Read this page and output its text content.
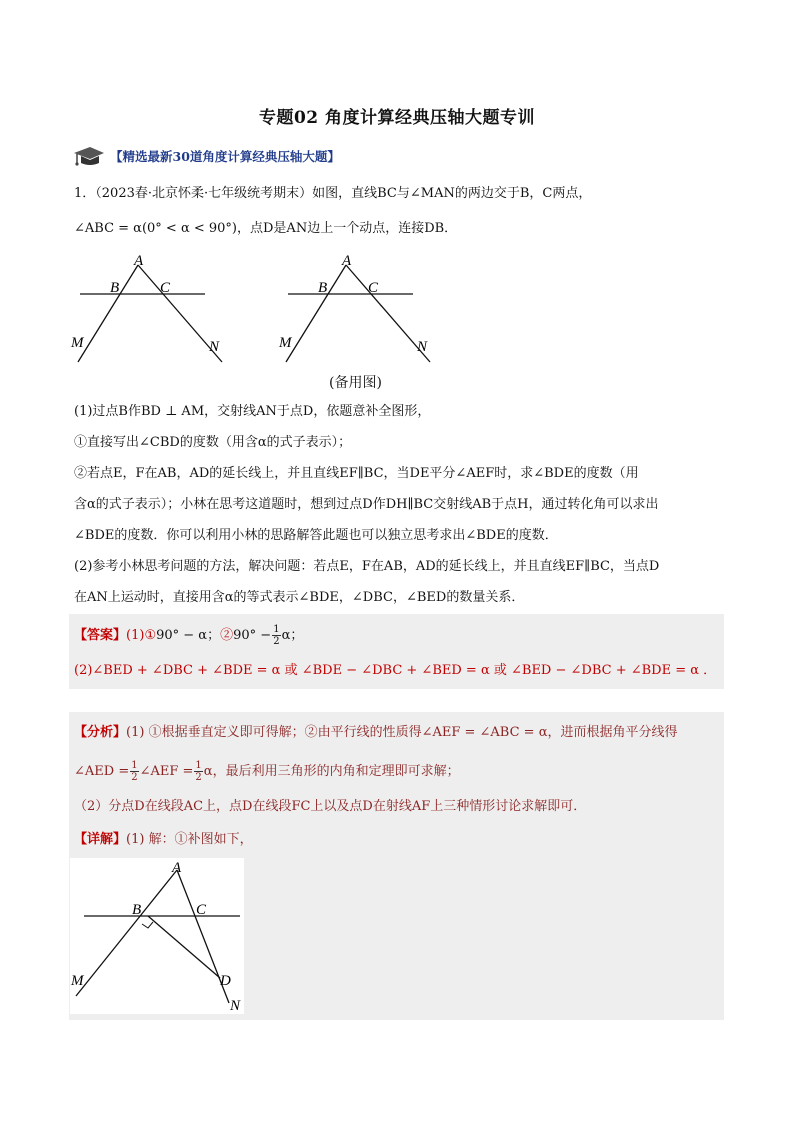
专题02 角度计算经典压轴大题专训
【精选最新30道角度计算经典压轴大题】
1．（2023春·北京怀柔·七年级统考期末）如图，直线BC与∠MAN的两边交于B，C两点，
∠ABC = α(0° < α < 90°)，点D是AN边上一个动点，连接DB．
A
B	C
M	N
A
B	C
M	N
(备用图)
(1)过点B作BD ⊥ AM，交射线AN于点D，依题意补全图形，
①直接写出∠CBD的度数（用含α的式子表示）；
②若点E，F在AB，AD的延长线上，并且直线EF∥BC，当DE平分∠AEF时，求∠BDE的度数（用
含α的式子表示）；小林在思考这道题时，想到过点D作DH∥BC交射线AB于点H，通过转化角可以求出
∠BDE的度数．你可以利用小林的思路解答此题也可以独立思考求出∠BDE的度数．
(2)参考小林思考问题的方法，解决问题：若点E，F在AB，AD的延长线上，并且直线EF∥BC，当点D
在AN上运动时，直接用含α的等式表示∠BDE，∠DBC，∠BED的数量关系．
【答案】(1)①90° − α；②90° − $\frac{1}{2}$ α；
(2)∠BED + ∠DBC + ∠BDE = α 或 ∠BDE − ∠DBC + ∠BED = α 或 ∠BED − ∠DBC + ∠BDE = α ．
【分析】(1) ①根据垂直定义即可得解；②由平行线的性质得∠AEF = ∠ABC = α，进而根据角平分线得
∠AED = $\frac{1}{2}$ ∠AEF = $\frac{1}{2}$ α，最后利用三角形的内角和定理即可求解；
（2）分点D在线段AC上，点D在线段FC上以及点D在射线AF上三种情形讨论求解即可．
【详解】(1) 解：①补图如下，
A
B	C
D
M
N
